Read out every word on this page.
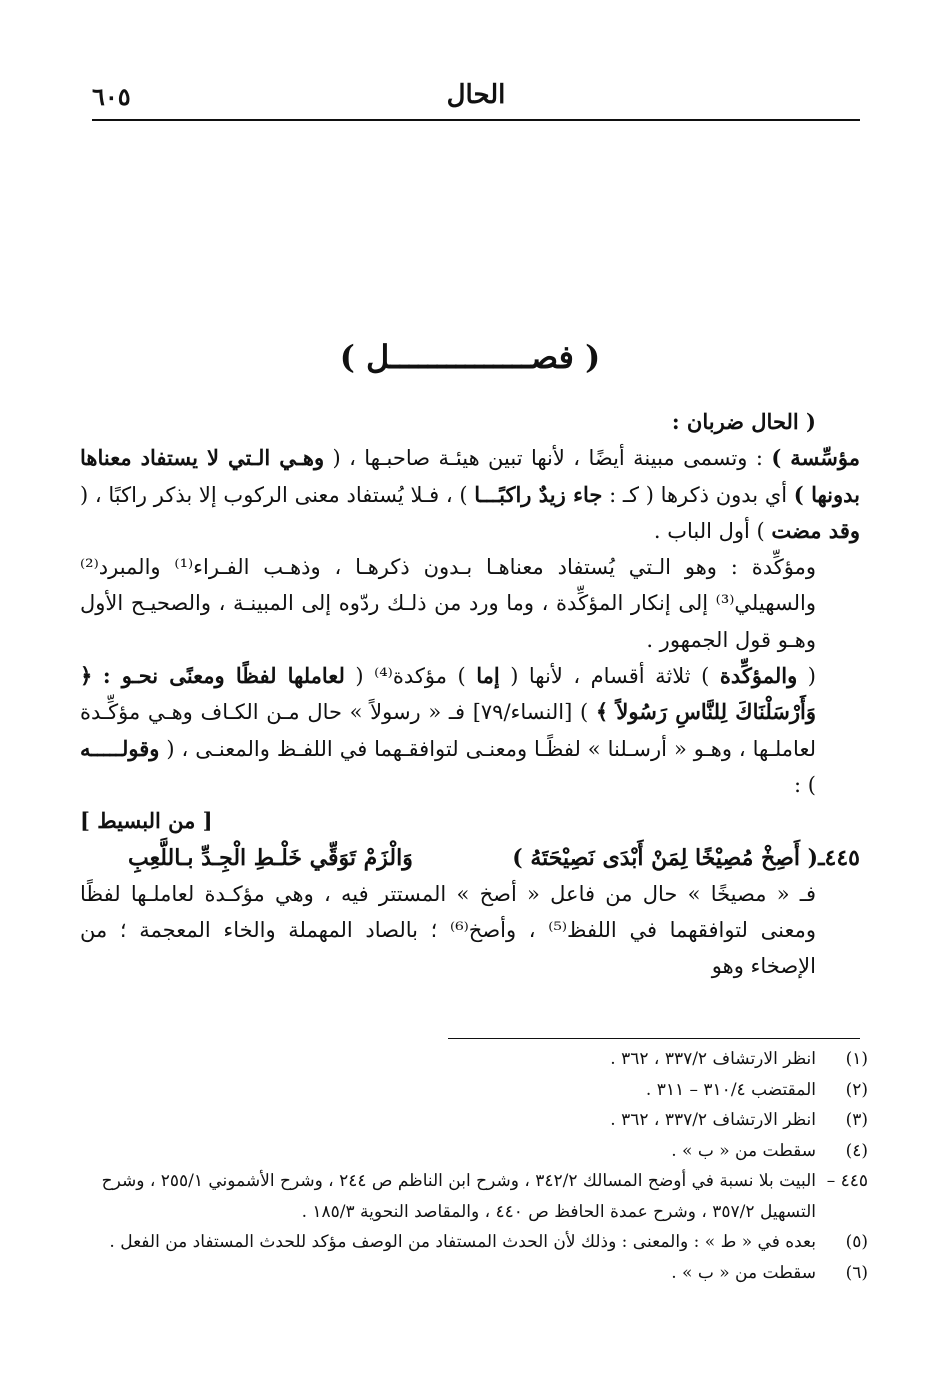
الحال
٦٠٥
( فصـــــــــــــــل )

( الحال ضربان :

مؤسِّسة ) : وتسمى مبينة أيضًا ، لأنها تبين هيئـة صاحبـها ، ( وهـي الـتي لا يستفاد معناها بدونها ) أي بدون ذكرها ( كـ : جاء زيدٌ راكبًـــا ) ، فـلا يُستفاد معنى الركوب إلا بذكر راكبًا ، ( وقد مضت ) أول الباب .

ومؤكِّدة : وهو الـتي يُستفاد معناهـا بـدون ذكرهـا ، وذهـب الفـراء⁽¹⁾ والمبرد⁽²⁾ والسهيلي⁽³⁾ إلى إنكار المؤكِّدة ، وما ورد من ذلـك ردّوه إلى المبينـة ، والصحيـح الأول وهـو قول الجمهور .

( والمؤكِّدة ) ثلاثة أقسام ، لأنها ( إما ) مؤكدة⁽⁴⁾ ( لعاملها لفظًا ومعنًى نحـو : ﴿ وَأَرْسَلْنَاكَ لِلنَّاسِ رَسُولاً ﴾ ) [النساء/٧٩] فـ « رسولاً » حال مـن الكـاف وهـي مؤكِّـدة لعاملـها ، وهـو « أرسـلنا » لفظًـا ومعنـى لتوافقـهما في اللفـظ والمعنـى ، ( وقولـــــه ) :

[ من البسيط ]

٤٤٥ـ( أَصِخْ مُصِيْخًا لِمَنْ أَبْدَى نَصِيْحَتَهُ )
وَالْزَمْ تَوَقِّي خَلْـطِ الْجِـدِّ بـاللَّعِبِ

فـ « مصيخًا » حال من فاعل « أصخ » المستتر فيه ، وهي مؤكـدة لعاملـها لفظًا ومعنى لتوافقهما في اللفظ⁽⁵⁾ ، وأصخ⁽⁶⁾ ؛ بالصاد المهملة والخاء المعجمة ؛ من الإصخاء وهو

(١)
انظر الارتشاف ٣٣٧/٢ ، ٣٦٢ .
(٢)
المقتضب ٣١٠/٤ – ٣١١ .
(٣)
انظر الارتشاف ٣٣٧/٢ ، ٣٦٢ .
(٤)
سقطت من « ب » .
٤٤٥ –
البيت بلا نسبة في أوضح المسالك ٣٤٢/٢ ، وشرح ابن الناظم ص ٢٤٤ ، وشرح الأشموني ٢٥٥/١ ، وشرح التسهيل ٣٥٧/٢ ، وشرح عمدة الحافظ ص ٤٤٠ ، والمقاصد النحوية ١٨٥/٣ .
(٥)
بعده في « ط » : والمعنى : وذلك لأن الحدث المستفاد من الوصف مؤكد للحدث المستفاد من الفعل .
(٦)
سقطت من « ب » .
